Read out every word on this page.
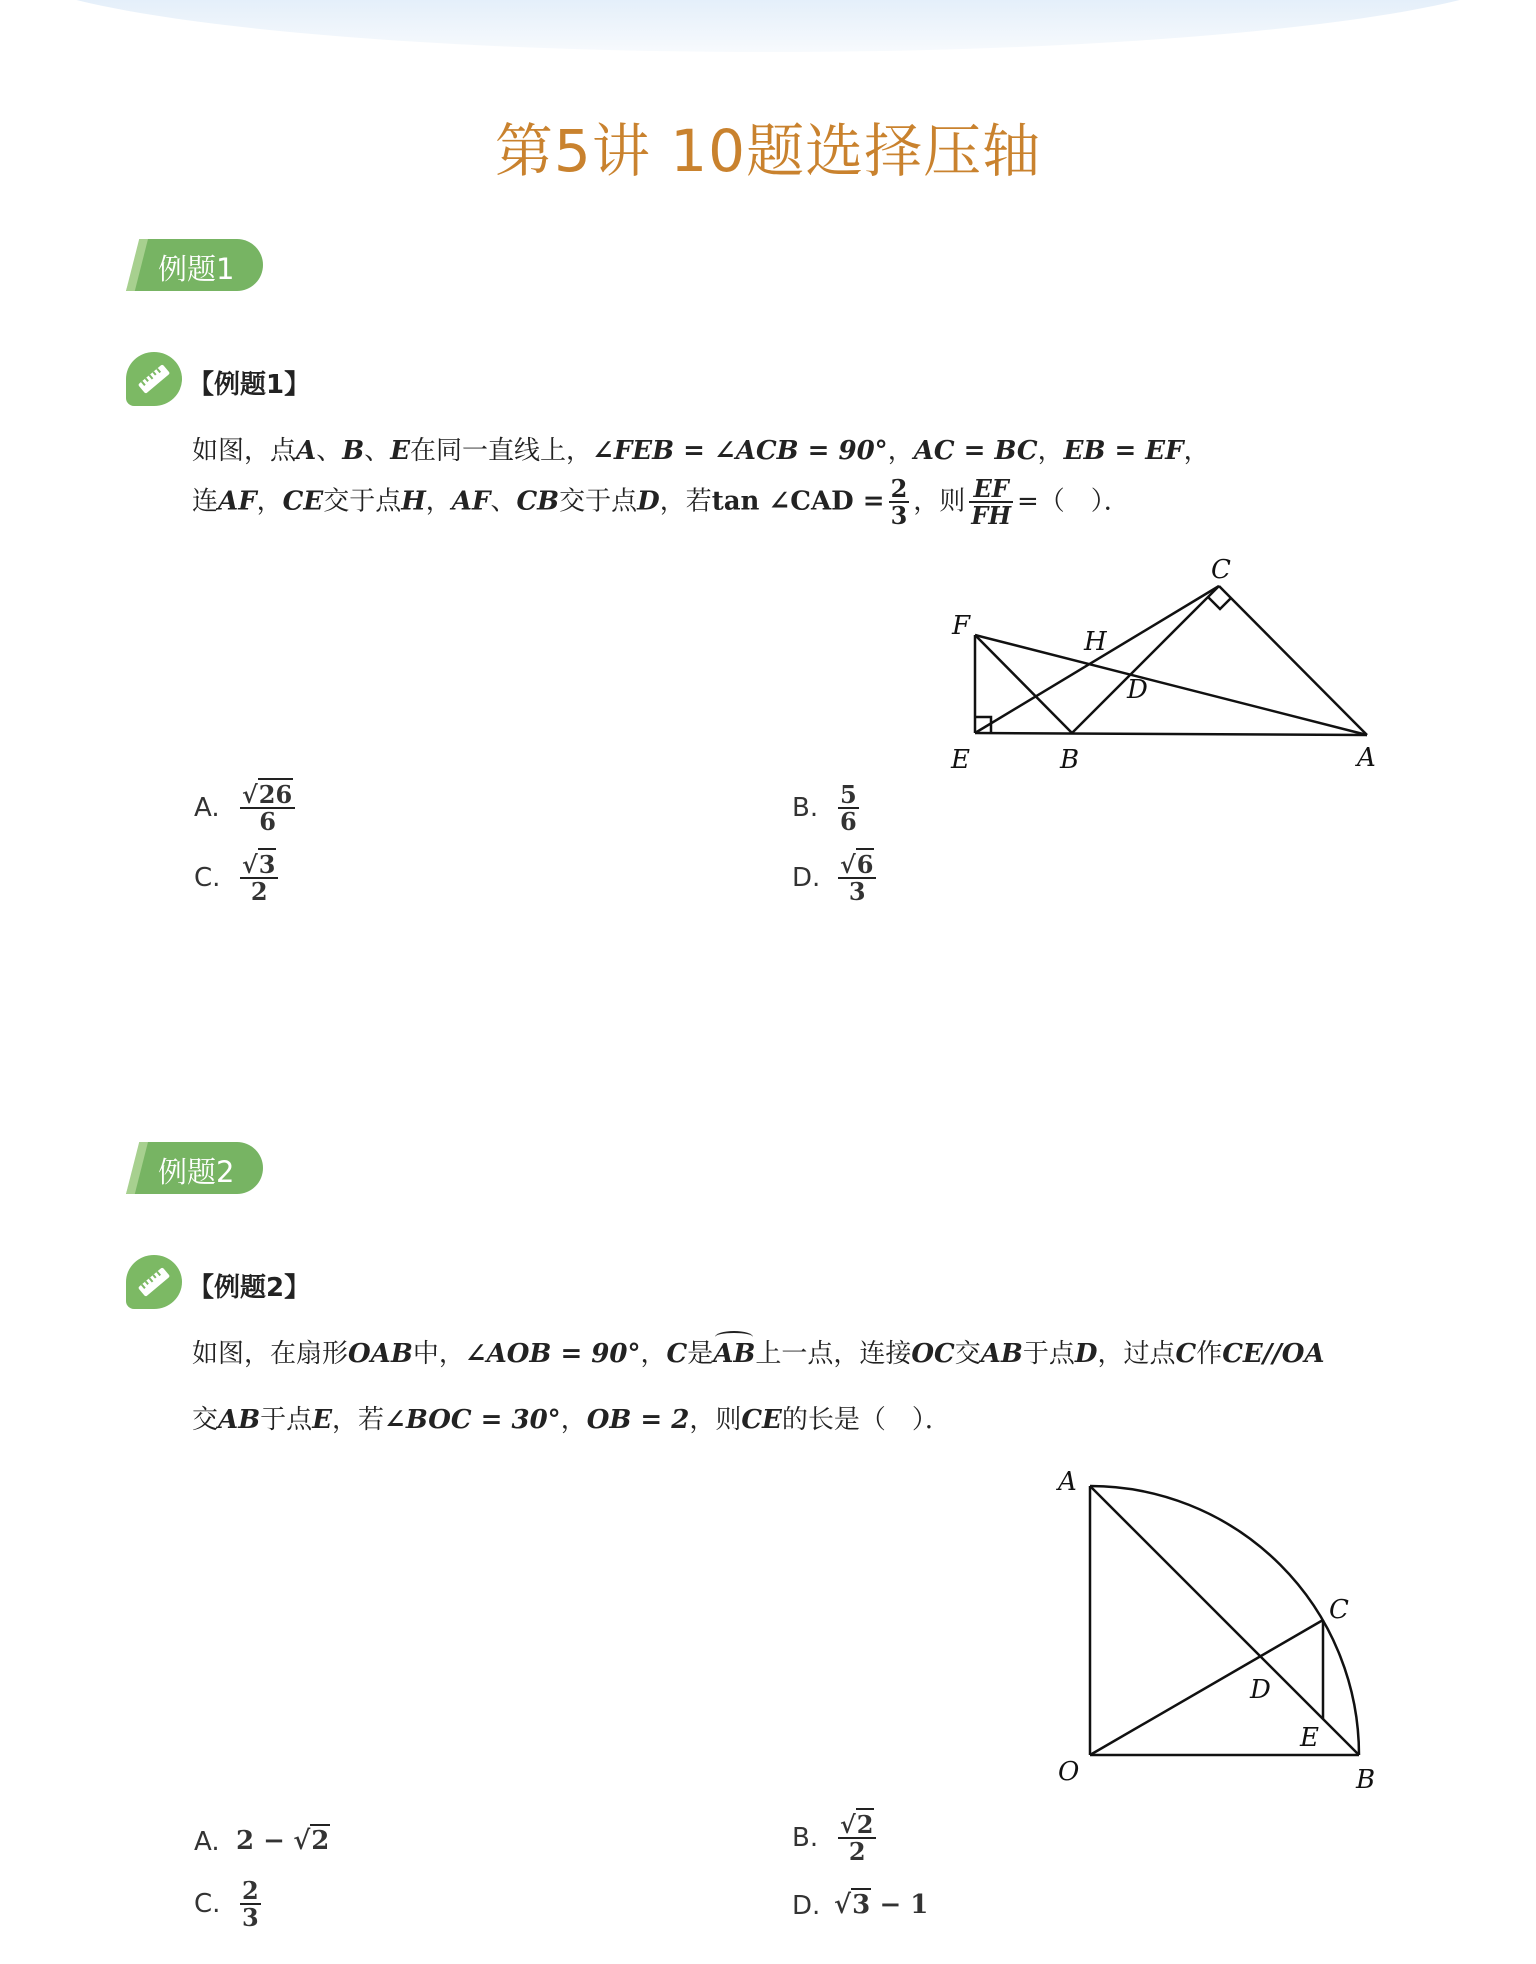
第5讲 10题选择压轴
例题1
【例题1】
如图，点A、B、E在同一直线上，∠FEB = ∠ACB = 90°，AC = BC，EB = EF，
连AF，CE交于点H，AF、CB交于点D，若tan ∠CAD = $\frac{2}{3}$ ，则 $\frac{EF}{FH}$ =（　）．
C
F
H
D
E	B	A
A. $\frac{√26}{6}$	B. $\frac{5}{6}$
C. $\frac{√3}{2}$	D. $\frac{√6}{3}$
例题2
【例题2】
如图，在扇形OAB中，∠AOB = 90°，C是
AB上一点，连接OC交AB于点D，过点C作CE//OA
交AB于点E，若∠BOC = 30°，OB = 2，则CE的长是（　）．
A
C
D
E
O	B
A. 2 − √2	B. $\frac{√2}{2}$
C. $\frac{2}{3}$	D. √3 − 1
